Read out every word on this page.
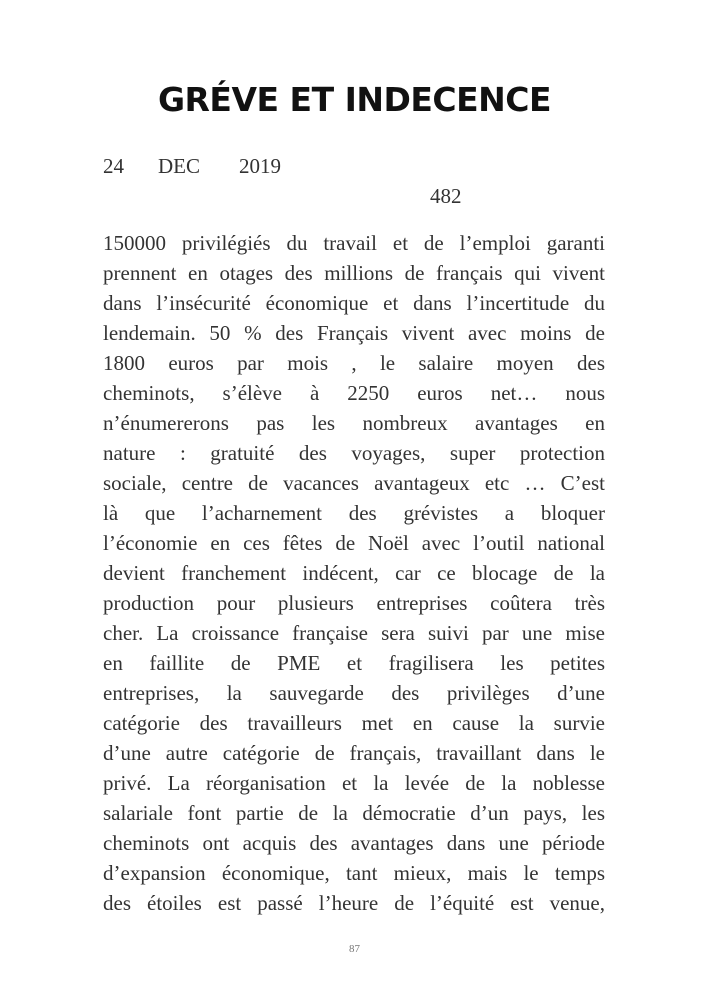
GRÉVE ET INDECENCE
24 DEC 2019
482
150000 privilégiés du travail et de l’emploi garanti
prennent en otages des millions de français qui vivent
dans l’insécurité économique et dans l’incertitude du
lendemain. 50 % des Français vivent avec moins de
1800 euros par mois , le salaire moyen des
cheminots, s’élève à 2250 euros net… nous
n’énumererons pas les nombreux avantages en
nature : gratuité des voyages, super protection
sociale, centre de vacances avantageux etc … C’est
là que l’acharnement des grévistes a bloquer
l’économie en ces fêtes de Noël avec l’outil national
devient franchement indécent, car ce blocage de la
production pour plusieurs entreprises coûtera très
cher. La croissance française sera suivi par une mise
en faillite de PME et fragilisera les petites
entreprises, la sauvegarde des privilèges d’une
catégorie des travailleurs met en cause la survie
d’une autre catégorie de français, travaillant dans le
privé. La réorganisation et la levée de la noblesse
salariale font partie de la démocratie d’un pays, les
cheminots ont acquis des avantages dans une période
d’expansion économique, tant mieux, mais le temps
des étoiles est passé l’heure de l’équité est venue,
87
